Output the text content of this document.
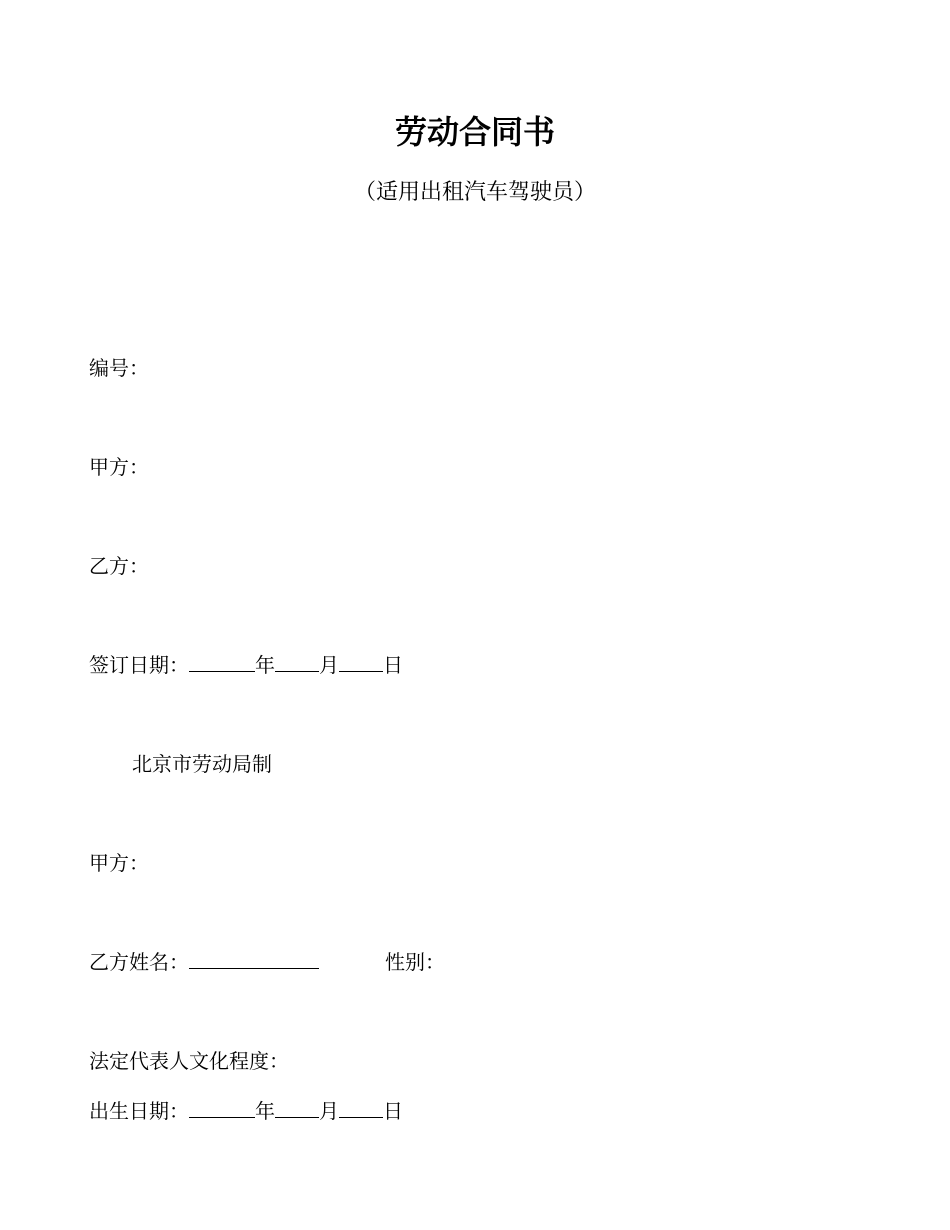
劳动合同书
（适用出租汽车驾驶员）
编号：
甲方：
乙方：
签订日期：	年 月 日
北京市劳动局制
甲方：
乙方姓名：	性别：
法定代表人文化程度：
出生日期：	年 月 日
